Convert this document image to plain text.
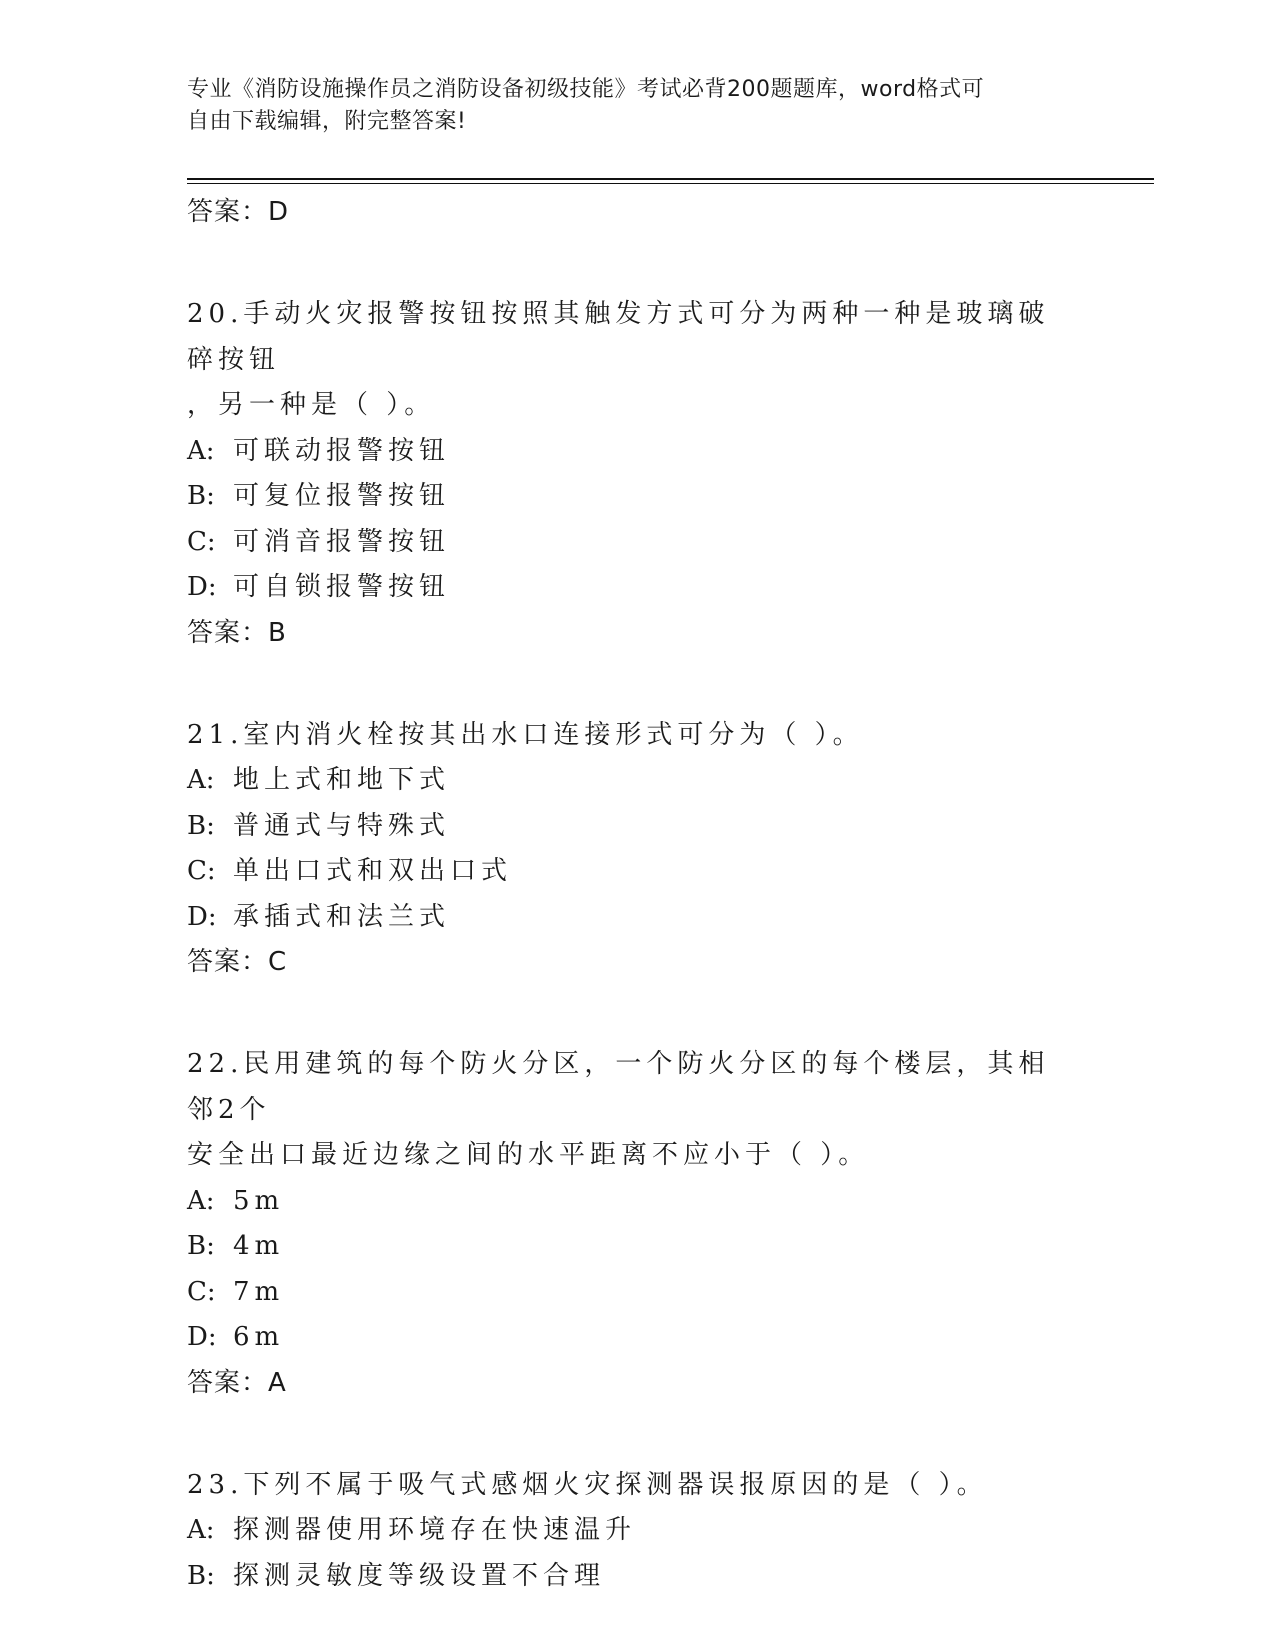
专业《消防设施操作员之消防设备初级技能》考试必背200题题库，word格式可
自由下载编辑，附完整答案!
答案：D
20.手动火灾报警按钮按照其触发方式可分为两种一种是玻璃破碎按钮
，另一种是（ ）。
A: 可联动报警按钮
B: 可复位报警按钮
C: 可消音报警按钮
D: 可自锁报警按钮
答案：B
21.室内消火栓按其出水口连接形式可分为（ ）。
A: 地上式和地下式
B: 普通式与特殊式
C: 单出口式和双出口式
D: 承插式和法兰式
答案：C
22.民用建筑的每个防火分区，一个防火分区的每个楼层，其相邻2个
安全出口最近边缘之间的水平距离不应小于（ ）。
A: 5m
B: 4m
C: 7m
D: 6m
答案：A
23.下列不属于吸气式感烟火灾探测器误报原因的是（ ）。
A: 探测器使用环境存在快速温升
B: 探测灵敏度等级设置不合理
